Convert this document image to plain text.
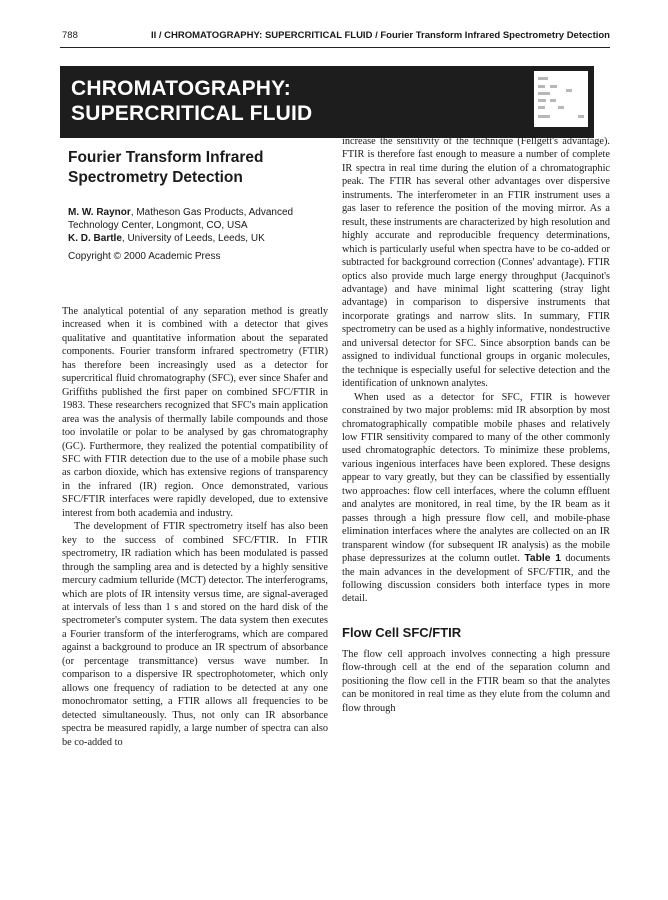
788	II / CHROMATOGRAPHY: SUPERCRITICAL FLUID / Fourier Transform Infrared Spectrometry Detection
CHROMATOGRAPHY:
SUPERCRITICAL FLUID
Fourier Transform Infrared
Spectrometry Detection
M. W. Raynor, Matheson Gas Products, Advanced
Technology Center, Longmont, CO, USA
K. D. Bartle, University of Leeds, Leeds, UK
Copyright © 2000 Academic Press

The analytical potential of any separation method is greatly increased when it is combined with a detector that gives qualitative and quantitative information about the separated components. Fourier transform infrared spectrometry (FTIR) has therefore been increasingly used as a detector for supercritical fluid chromatography (SFC), ever since Shafer and Griffiths published the first paper on combined SFC/FTIR in 1983. These researchers recognized that SFC's main application area was the analysis of thermally labile compounds and those too involatile or polar to be analysed by gas chromatography (GC). Furthermore, they realized the potential compatibility of SFC with FTIR detection due to the use of a mobile phase such as carbon dioxide, which has extensive regions of transparency in the infrared (IR) region. Once demonstrated, various SFC/FTIR interfaces were rapidly developed, due to extensive interest from both academia and industry.

The development of FTIR spectrometry itself has also been key to the success of combined SFC/FTIR. In FTIR spectrometry, IR radiation which has been modulated is passed through the sampling area and is detected by a highly sensitive mercury cadmium telluride (MCT) detector. The interferograms, which are plots of IR intensity versus time, are signal-averaged at intervals of less than 1 s and stored on the hard disk of the spectrometer's computer system. The data system then executes a Fourier transform of the interferograms, which are compared against a background to produce an IR spectrum of absorbance (or percentage transmittance) versus wave number. In comparison to a dispersive IR spectrophotometer, which only allows one frequency of radiation to be detected at any one monochromator setting, a FTIR allows all frequencies to be detected simultaneously. Thus, not only can IR absorbance spectra be measured rapidly, a large number of spectra can also be co-added to

increase the sensitivity of the technique (Fellgett's advantage). FTIR is therefore fast enough to measure a number of complete IR spectra in real time during the elution of a chromatographic peak. The FTIR has several other advantages over dispersive instruments. The interferometer in an FTIR instrument uses a gas laser to reference the position of the moving mirror. As a result, these instruments are characterized by high resolution and highly accurate and reproducible frequency determinations, which is particularly useful when spectra have to be co-added or subtracted for background correction (Connes' advantage). FTIR optics also provide much large energy throughput (Jacquinot's advantage) and have minimal light scattering (stray light advantage) in comparison to dispersive instruments that incorporate gratings and narrow slits. In summary, FTIR spectrometry can be used as a highly informative, nondestructive and universal detector for SFC. Since absorption bands can be assigned to individual functional groups in organic molecules, the technique is especially useful for selective detection and the identification of unknown analytes.

When used as a detector for SFC, FTIR is however constrained by two major problems: mid IR absorption by most chromatographically compatible mobile phases and relatively low FTIR sensitivity compared to many of the other commonly used chromatographic detectors. To minimize these problems, various ingenious interfaces have been explored. These designs appear to vary greatly, but they can be classified by essentially two approaches: flow cell interfaces, where the column effluent and analytes are monitored, in real time, by the IR beam as it passes through a high pressure flow cell, and mobile-phase elimination interfaces where the analytes are collected on an IR transparent window (for subsequent IR analysis) as the mobile phase depressurizes at the column outlet. Table 1 documents the main advances in the development of SFC/FTIR, and the following discussion considers both interface types in more detail.

Flow Cell SFC/FTIR

The flow cell approach involves connecting a high pressure flow-through cell at the end of the separation column and positioning the flow cell in the FTIR beam so that the analytes can be monitored in real time as they elute from the column and flow through
